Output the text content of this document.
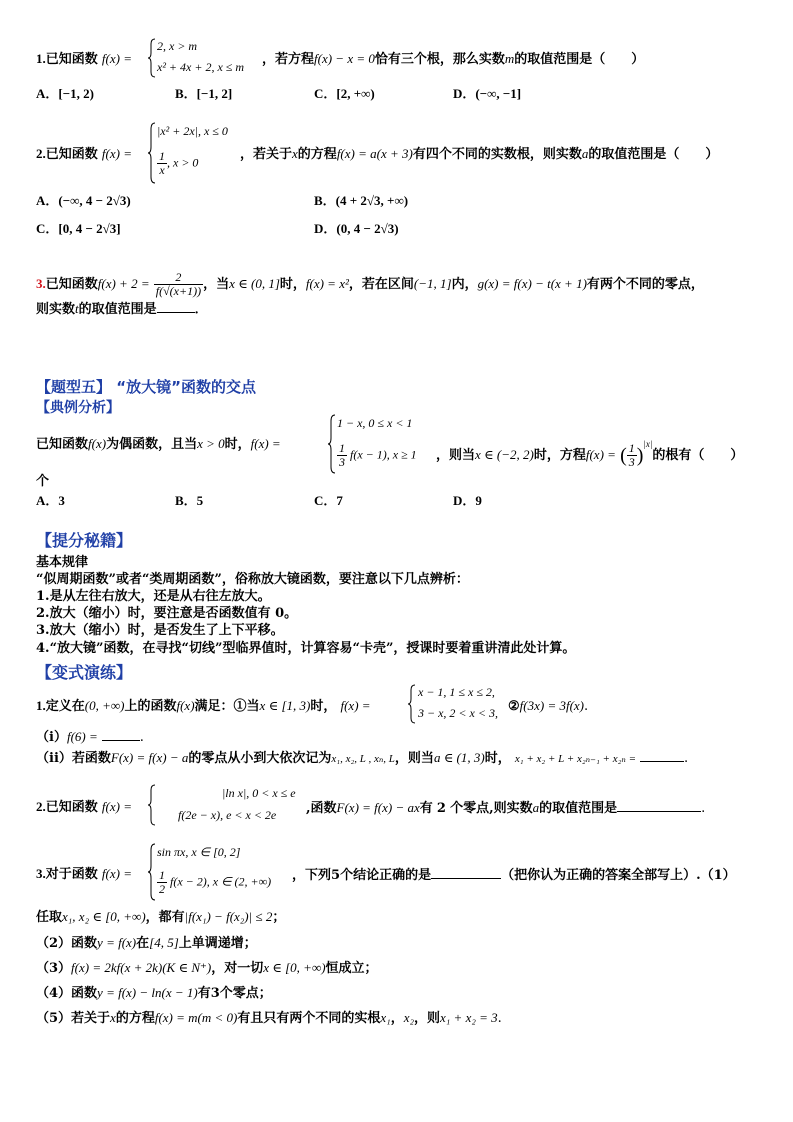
1.已知函数 f(x) =
2, x > m
x² + 4x + 2, x ≤ m ，若方程f(x) − x = 0恰有三个根，那么实数m的取值范围是（　　）
A．[−1, 2)	B．[−1, 2]	C．[2, +∞)	D．(−∞, −1]
2.已知函数 f(x) =
|x² + 2x|, x ≤ 0
$\frac{1}{x}$ , x > 0
，若关于x的方程f(x) = a(x + 3)有四个不同的实数根，则实数a的取值范围是（　　）
A．(−∞, 4 − 2√3)	B．(4 + 2√3, +∞)
C．[0, 4 − 2√3]	D．(0, 4 − 2√3)
3.已知函数$f(x) + 2 = \frac{2}{f(√(x+1))}$ ，当x ∈ (0, 1]时，f(x) = x²，若在区间(−1, 1]内，g(x) = f(x) − t(x + 1)有两个不同的零点，
则实数t的取值范围是	．
【题型五】 “放大镜”函数的交点
【典例分析】
已知函数f(x)为偶函数，且当x > 0时，f(x) =
1 − x, 0 ≤ x < 1
$\frac{1}{3} f(x - 1)$, x ≥ 1 ，则当x ∈ (−2, 2)时，方程f(x) = ( $\frac{1}{3} )^{|x|}$的根有（　　）
个
A．3	B．5	C．7	D．9
【提分秘籍】
基本规律
“似周期函数”或者“类周期函数”，俗称放大镜函数，要注意以下几点辨析：
1.是从左往右放大，还是从右往左放大。
2.放大（缩小）时，要注意是否函数值有 0。
3.放大（缩小）时，是否发生了上下平移。
4.“放大镜”函数，在寻找“切线”型临界值时，计算容易“卡壳”，授课时要着重讲清此处计算。
【变式演练】
1.定义在(0, +∞)上的函数f(x)满足：①当x ∈ [1, 3)时， f(x) =
x − 1, 1 ≤ x ≤ 2,
3 − x, 2 < x < 3, ②f(3x) = 3f(x).
（i）f(6) =	.
（ii）若函数F(x) = f(x) − a的零点从小到大依次记为x₁, x₂, L , xₙ, L，则当a ∈ (1, 3)时， x₁ + x₂ + L + x₂ₙ₋₁ + x₂ₙ =	.
2.已知函数 f(x) =
|ln x|, 0 < x ≤ e
f(2e − x), e < x < 2e ,函数F(x) = f(x) − ax有 2 个零点,则实数a的取值范围是	.
3.对于函数 f(x) =
sin πx, x ∈ [0, 2]
$\frac{1}{2} f(x - 2)$, x ∈ (2, +∞) ，下列5个结论正确的是	（把你认为正确的答案全部写上）.（1）
任取x₁, x₂ ∈ [0, +∞)，都有|f(x₁) − f(x₂)| ≤ 2；
（2）函数y = f(x)在[4, 5]上单调递增；
（3）f(x) = 2kf(x + 2k)(K ∈ N⁺)，对一切x ∈ [0, +∞)恒成立；
（4）函数y = f(x) − ln(x − 1)有3个零点；
（5）若关于x的方程f(x) = m(m < 0)有且只有两个不同的实根x₁，x₂，则x₁ + x₂ = 3.
